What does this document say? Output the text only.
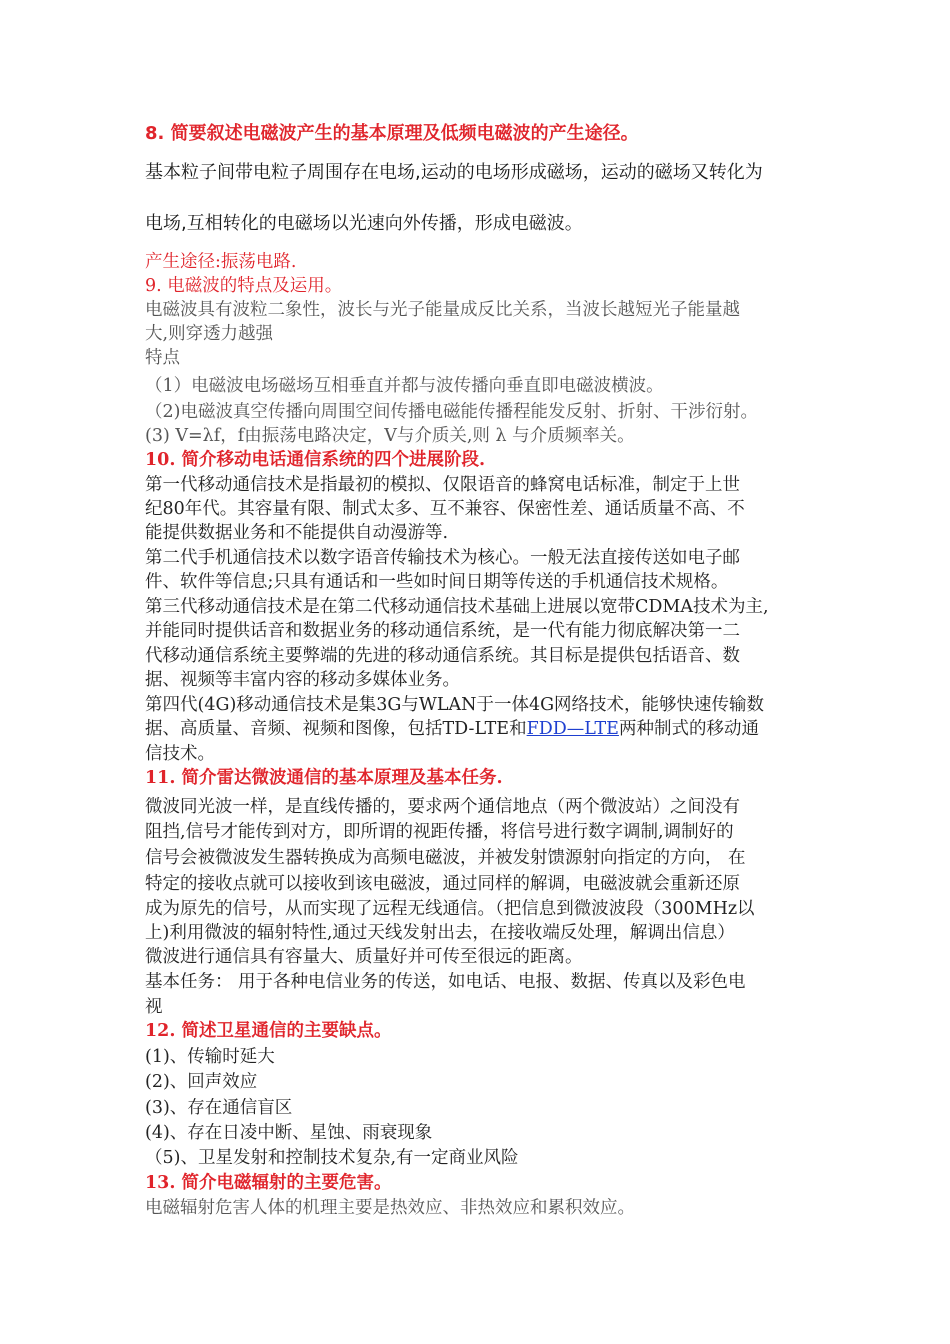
8. 简要叙述电磁波产生的基本原理及低频电磁波的产生途径。
基本粒子间带电粒子周围存在电场,运动的电场形成磁场，运动的磁场又转化为
电场,互相转化的电磁场以光速向外传播，形成电磁波。
产生途径:振荡电路.
9. 电磁波的特点及运用。
电磁波具有波粒二象性，波长与光子能量成反比关系，当波长越短光子能量越
大,则穿透力越强
特点
（1）电磁波电场磁场互相垂直并都与波传播向垂直即电磁波横波。
（2)电磁波真空传播向周围空间传播电磁能传播程能发反射、折射、干涉衍射。
(3) V=λf，f由振荡电路决定，V与介质关,则 λ 与介质频率关。
10. 简介移动电话通信系统的四个进展阶段.
第一代移动通信技术是指最初的模拟、仅限语音的蜂窝电话标准，制定于上世
纪80年代。其容量有限、制式太多、互不兼容、保密性差、通话质量不高、不
能提供数据业务和不能提供自动漫游等.
第二代手机通信技术以数字语音传输技术为核心。一般无法直接传送如电子邮
件、软件等信息;只具有通话和一些如时间日期等传送的手机通信技术规格。
第三代移动通信技术是在第二代移动通信技术基础上进展以宽带CDMA技术为主,
并能同时提供话音和数据业务的移动通信系统，是一代有能力彻底解决第一二
代移动通信系统主要弊端的先进的移动通信系统。其目标是提供包括语音、数
据、视频等丰富内容的移动多媒体业务。
第四代(4G)移动通信技术是集3G与WLAN于一体4G网络技术，能够快速传输数
据、高质量、音频、视频和图像，包括TD-LTE和FDD—LTE两种制式的移动通
信技术。
11. 简介雷达微波通信的基本原理及基本任务.
微波同光波一样，是直线传播的，要求两个通信地点（两个微波站）之间没有
阻挡,信号才能传到对方，即所谓的视距传播，将信号进行数字调制,调制好的
信号会被微波发生器转换成为高频电磁波，并被发射馈源射向指定的方向， 在
特定的接收点就可以接收到该电磁波，通过同样的解调，电磁波就会重新还原
成为原先的信号，从而实现了远程无线通信。（把信息到微波波段（300MHz以
上)利用微波的辐射特性,通过天线发射出去，在接收端反处理，解调出信息）
微波进行通信具有容量大、质量好并可传至很远的距离。
基本任务： 用于各种电信业务的传送，如电话、电报、数据、传真以及彩色电
视
12. 简述卫星通信的主要缺点。
(1)、传输时延大
(2)、回声效应
(3)、存在通信盲区
(4)、存在日凌中断、星蚀、雨衰现象
（5)、卫星发射和控制技术复杂,有一定商业风险
13. 简介电磁辐射的主要危害。
电磁辐射危害人体的机理主要是热效应、非热效应和累积效应。
